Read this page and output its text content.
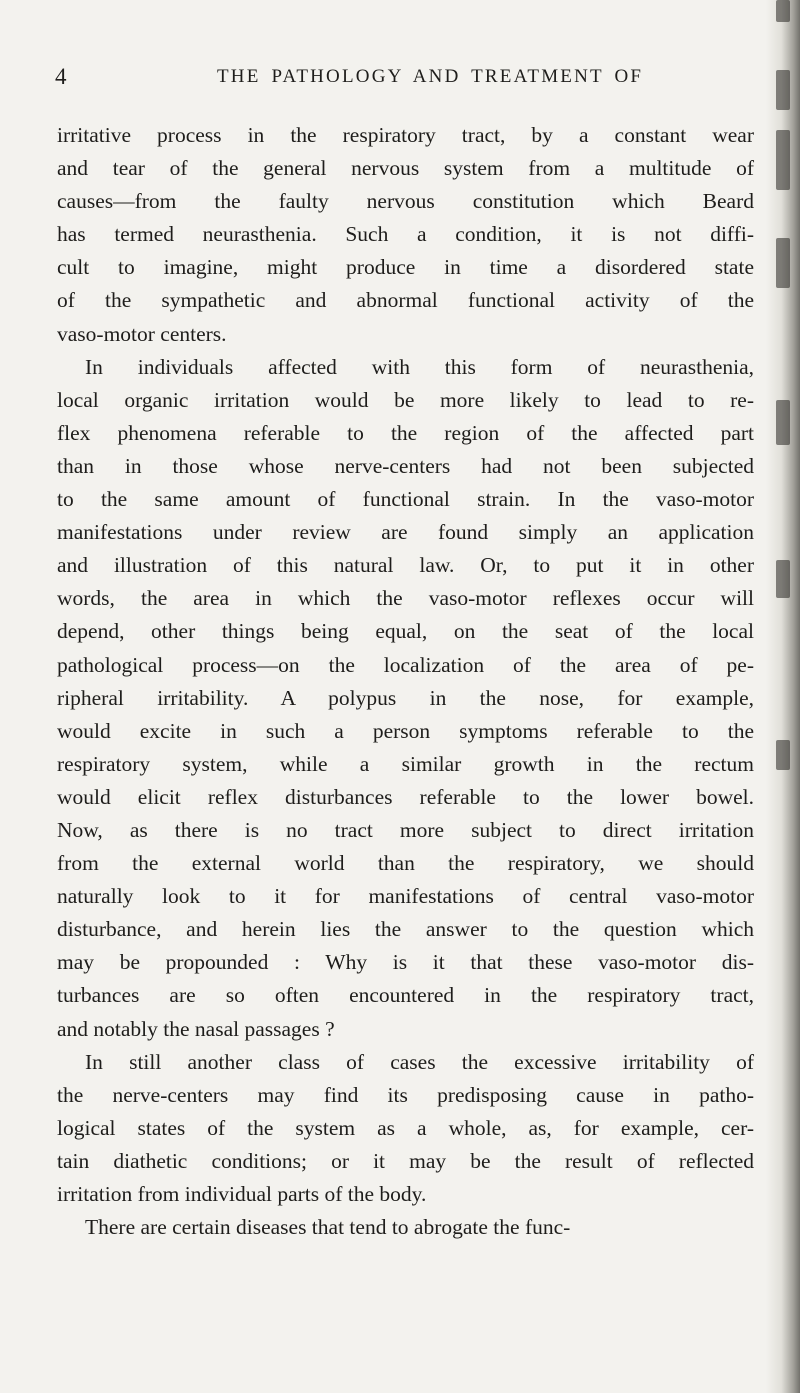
4	THE PATHOLOGY AND TREATMENT OF
irritative process in the respiratory tract, by a constant wear
and tear of the general nervous system from a multitude of
causes—from the faulty nervous constitution which Beard
has termed neurasthenia. Such a condition, it is not diffi-
cult to imagine, might produce in time a disordered state
of the sympathetic and abnormal functional activity of the
vaso-motor centers.
In individuals affected with this form of neurasthenia,
local organic irritation would be more likely to lead to re-
flex phenomena referable to the region of the affected part
than in those whose nerve-centers had not been subjected
to the same amount of functional strain. In the vaso-motor
manifestations under review are found simply an application
and illustration of this natural law. Or, to put it in other
words, the area in which the vaso-motor reflexes occur will
depend, other things being equal, on the seat of the local
pathological process—on the localization of the area of pe-
ripheral irritability. A polypus in the nose, for example,
would excite in such a person symptoms referable to the
respiratory system, while a similar growth in the rectum
would elicit reflex disturbances referable to the lower bowel.
Now, as there is no tract more subject to direct irritation
from the external world than the respiratory, we should
naturally look to it for manifestations of central vaso-motor
disturbance, and herein lies the answer to the question which
may be propounded : Why is it that these vaso-motor dis-
turbances are so often encountered in the respiratory tract,
and notably the nasal passages ?
In still another class of cases the excessive irritability of
the nerve-centers may find its predisposing cause in patho-
logical states of the system as a whole, as, for example, cer-
tain diathetic conditions; or it may be the result of reflected
irritation from individual parts of the body.
There are certain diseases that tend to abrogate the func-
